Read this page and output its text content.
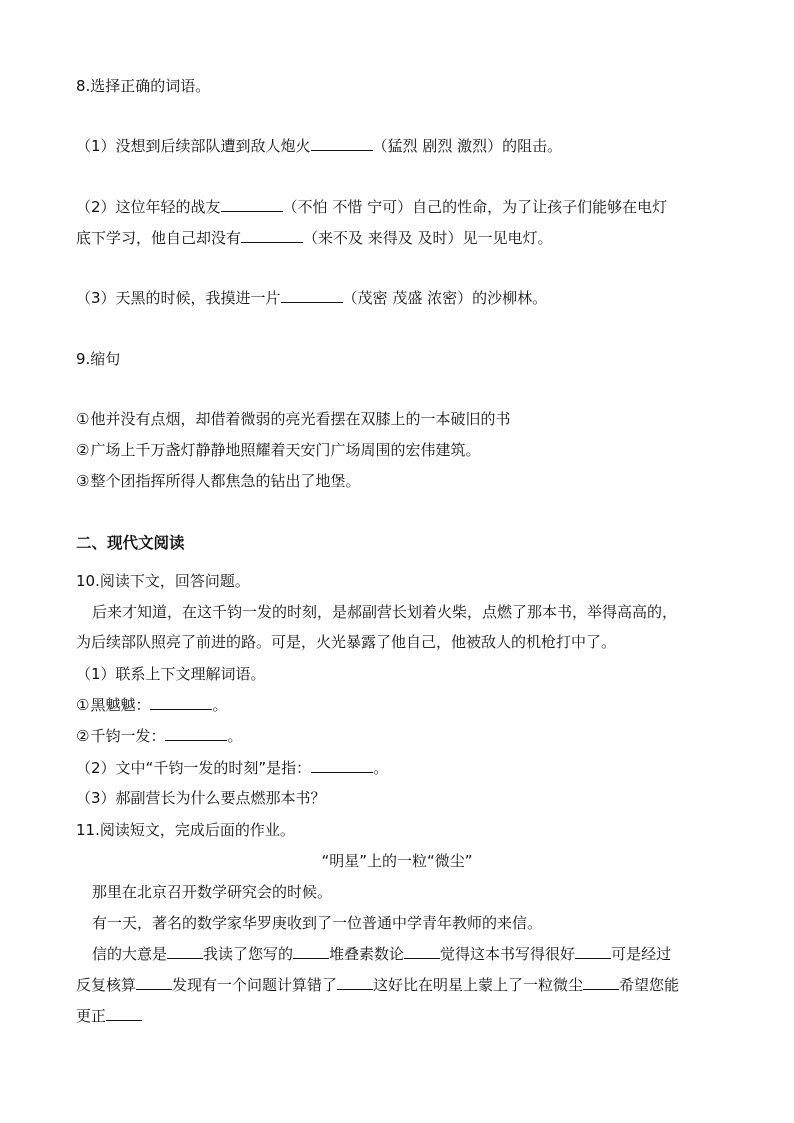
8.选择正确的词语。
（1）没想到后续部队遭到敌人炮火	（猛烈 剧烈 激烈）的阻击。
（2）这位年轻的战友	（不怕 不惜 宁可）自己的性命，为了让孩子们能够在电灯
底下学习，他自己却没有	（来不及 来得及 及时）见一见电灯。
（3）天黑的时候，我摸进一片	（茂密 茂盛 浓密）的沙柳林。
9.缩句
①他并没有点烟，却借着微弱的亮光看摆在双膝上的一本破旧的书
②广场上千万盏灯静静地照耀着天安门广场周围的宏伟建筑。
③整个团指挥所得人都焦急的钻出了地堡。
二、现代文阅读
10.阅读下文，回答问题。
后来才知道，在这千钧一发的时刻，是郝副营长划着火柴，点燃了那本书，举得高高的，
为后续部队照亮了前进的路。可是，火光暴露了他自己，他被敌人的机枪打中了。
（1）联系上下文理解词语。
①黑魆魆：	。
②千钧一发：	。
（2）文中“千钧一发的时刻”是指：	。
（3）郝副营长为什么要点燃那本书？
11.阅读短文，完成后面的作业。
“明星”上的一粒“微尘”
那里在北京召开数学研究会的时候。
有一天，著名的数学家华罗庚收到了一位普通中学青年教师的来信。
信的大意是 我读了您写的 堆叠素数论 觉得这本书写得很好 可是经过
反复核算 发现有一个问题计算错了 这好比在明星上蒙上了一粒微尘 希望您能
更正
